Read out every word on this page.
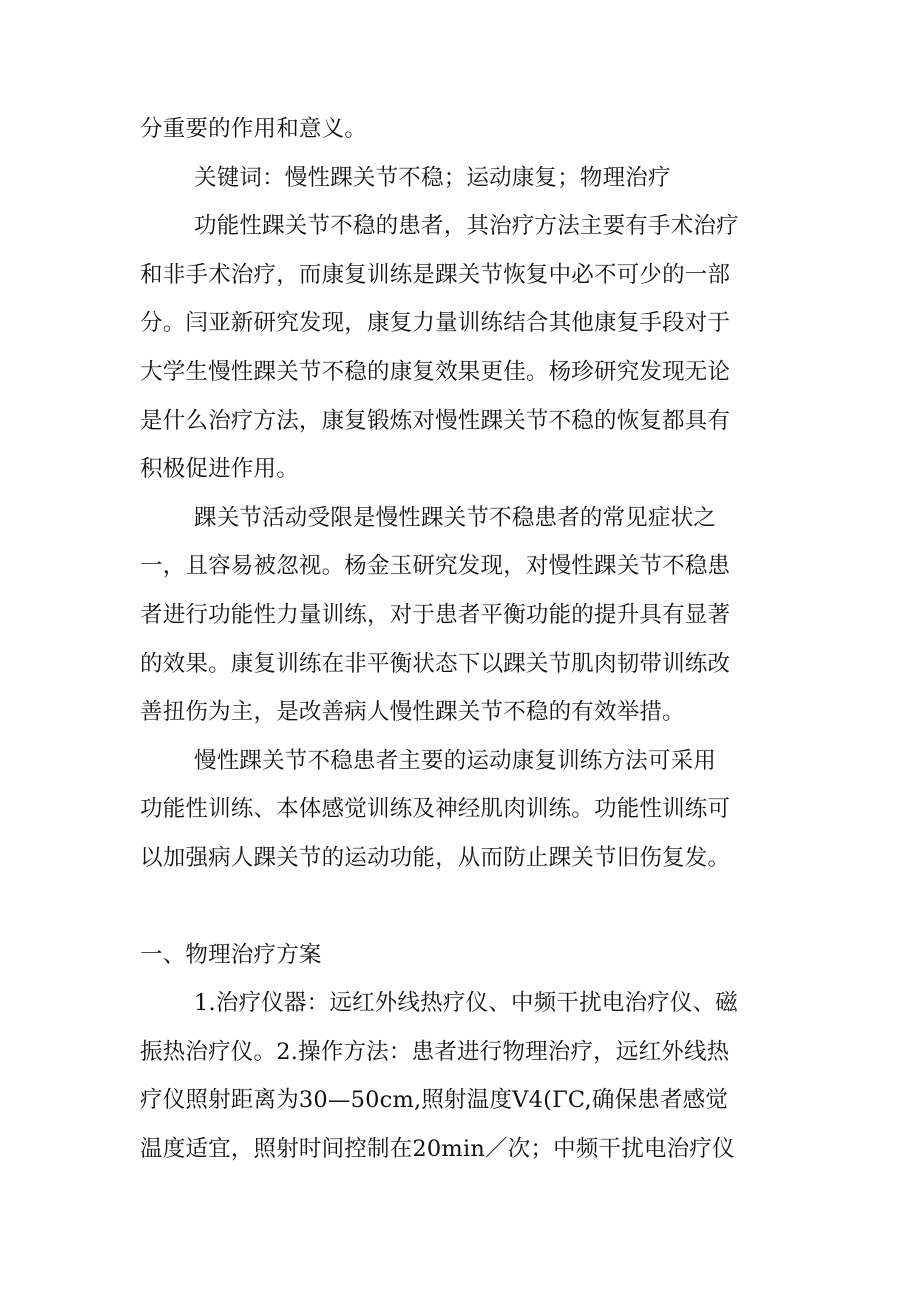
分重要的作用和意义。
关键词：慢性踝关节不稳；运动康复；物理治疗
功能性踝关节不稳的患者，其治疗方法主要有手术治疗
和非手术治疗，而康复训练是踝关节恢复中必不可少的一部
分。闫亚新研究发现，康复力量训练结合其他康复手段对于
大学生慢性踝关节不稳的康复效果更佳。杨珍研究发现无论
是什么治疗方法，康复锻炼对慢性踝关节不稳的恢复都具有
积极促进作用。
踝关节活动受限是慢性踝关节不稳患者的常见症状之
一，且容易被忽视。杨金玉研究发现，对慢性踝关节不稳患
者进行功能性力量训练，对于患者平衡功能的提升具有显著
的效果。康复训练在非平衡状态下以踝关节肌肉韧带训练改
善扭伤为主，是改善病人慢性踝关节不稳的有效举措。
慢性踝关节不稳患者主要的运动康复训练方法可采用
功能性训练、本体感觉训练及神经肌肉训练。功能性训练可
以加强病人踝关节的运动功能，从而防止踝关节旧伤复发。
一、物理治疗方案
1.治疗仪器：远红外线热疗仪、中频干扰电治疗仪、磁
振热治疗仪。2.操作方法：患者进行物理治疗，远红外线热
疗仪照射距离为30—50cm,照射温度V4(ΓC,确保患者感觉
温度适宜，照射时间控制在20min／次；中频干扰电治疗仪
